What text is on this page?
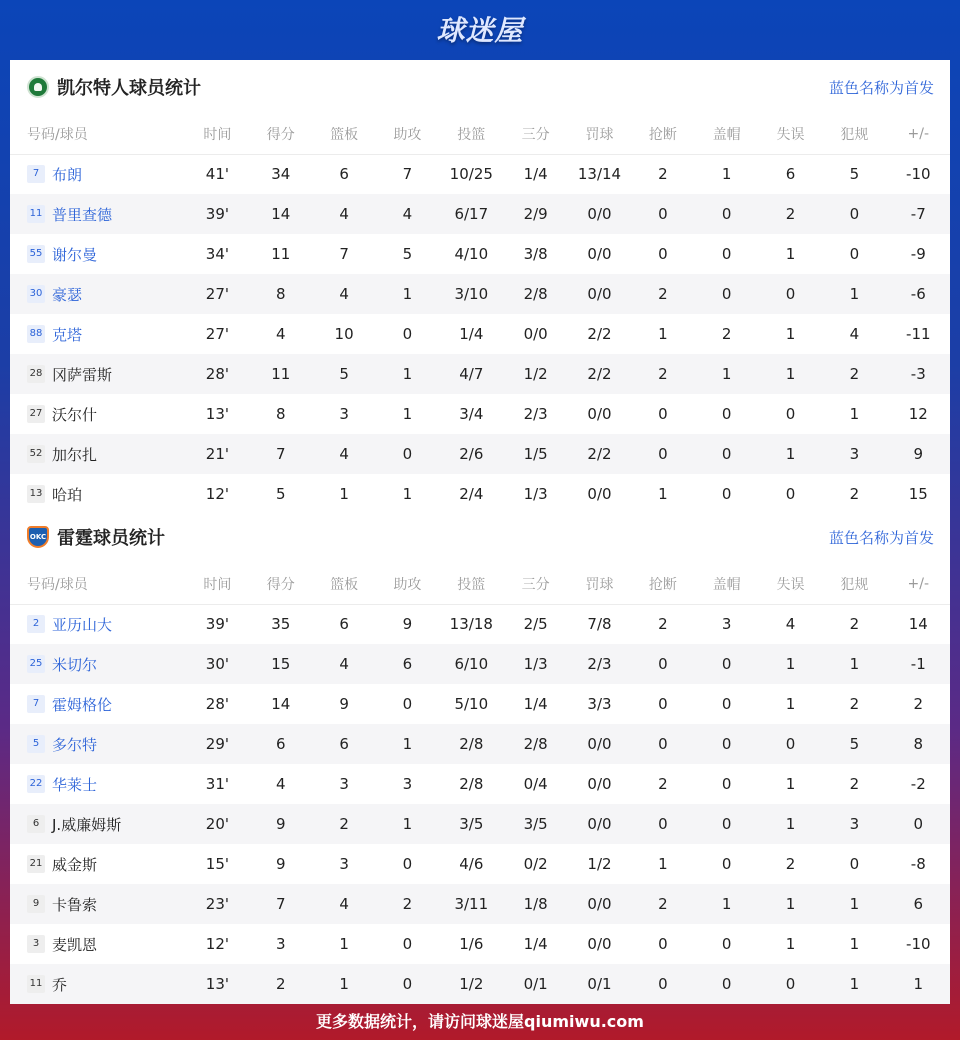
球迷屋
凯尔特人球员统计	蓝色名称为首发
号码/球员	时间	得分	篮板	助攻	投篮	三分	罚球	抢断	盖帽	失误	犯规	+/-
7 布朗	41'	34	6	7	10/25	1/4	13/14	2	1	6	5	-10
11 普里查德	39'	14	4	4	6/17	2/9	0/0	0	0	2	0	-7
55 谢尔曼	34'	11	7	5	4/10	3/8	0/0	0	0	1	0	-9
30 豪瑟	27'	8	4	1	3/10	2/8	0/0	2	0	0	1	-6
88 克塔	27'	4	10	0	1/4	0/0	2/2	1	2	1	4	-11
28 冈萨雷斯	28'	11	5	1	4/7	1/2	2/2	2	1	1	2	-3
27 沃尔什	13'	8	3	1	3/4	2/3	0/0	0	0	0	1	12
52 加尔扎	21'	7	4	0	2/6	1/5	2/2	0	0	1	3	9
13 哈珀	12'	5	1	1	2/4	1/3	0/0	1	0	0	2	15
OKC 雷霆球员统计	蓝色名称为首发
号码/球员	时间	得分	篮板	助攻	投篮	三分	罚球	抢断	盖帽	失误	犯规	+/-
2 亚历山大	39'	35	6	9	13/18	2/5	7/8	2	3	4	2	14
25 米切尔	30'	15	4	6	6/10	1/3	2/3	0	0	1	1	-1
7 霍姆格伦	28'	14	9	0	5/10	1/4	3/3	0	0	1	2	2
5 多尔特	29'	6	6	1	2/8	2/8	0/0	0	0	0	5	8
22 华莱士	31'	4	3	3	2/8	0/4	0/0	2	0	1	2	-2
6 J.威廉姆斯	20'	9	2	1	3/5	3/5	0/0	0	0	1	3	0
21 威金斯	15'	9	3	0	4/6	0/2	1/2	1	0	2	0	-8
9 卡鲁索	23'	7	4	2	3/11	1/8	0/0	2	1	1	1	6
3 麦凯恩	12'	3	1	0	1/6	1/4	0/0	0	0	1	1	-10
11 乔	13'	2	1	0	1/2	0/1	0/1	0	0	0	1	1
更多数据统计，请访问球迷屋qiumiwu.com
